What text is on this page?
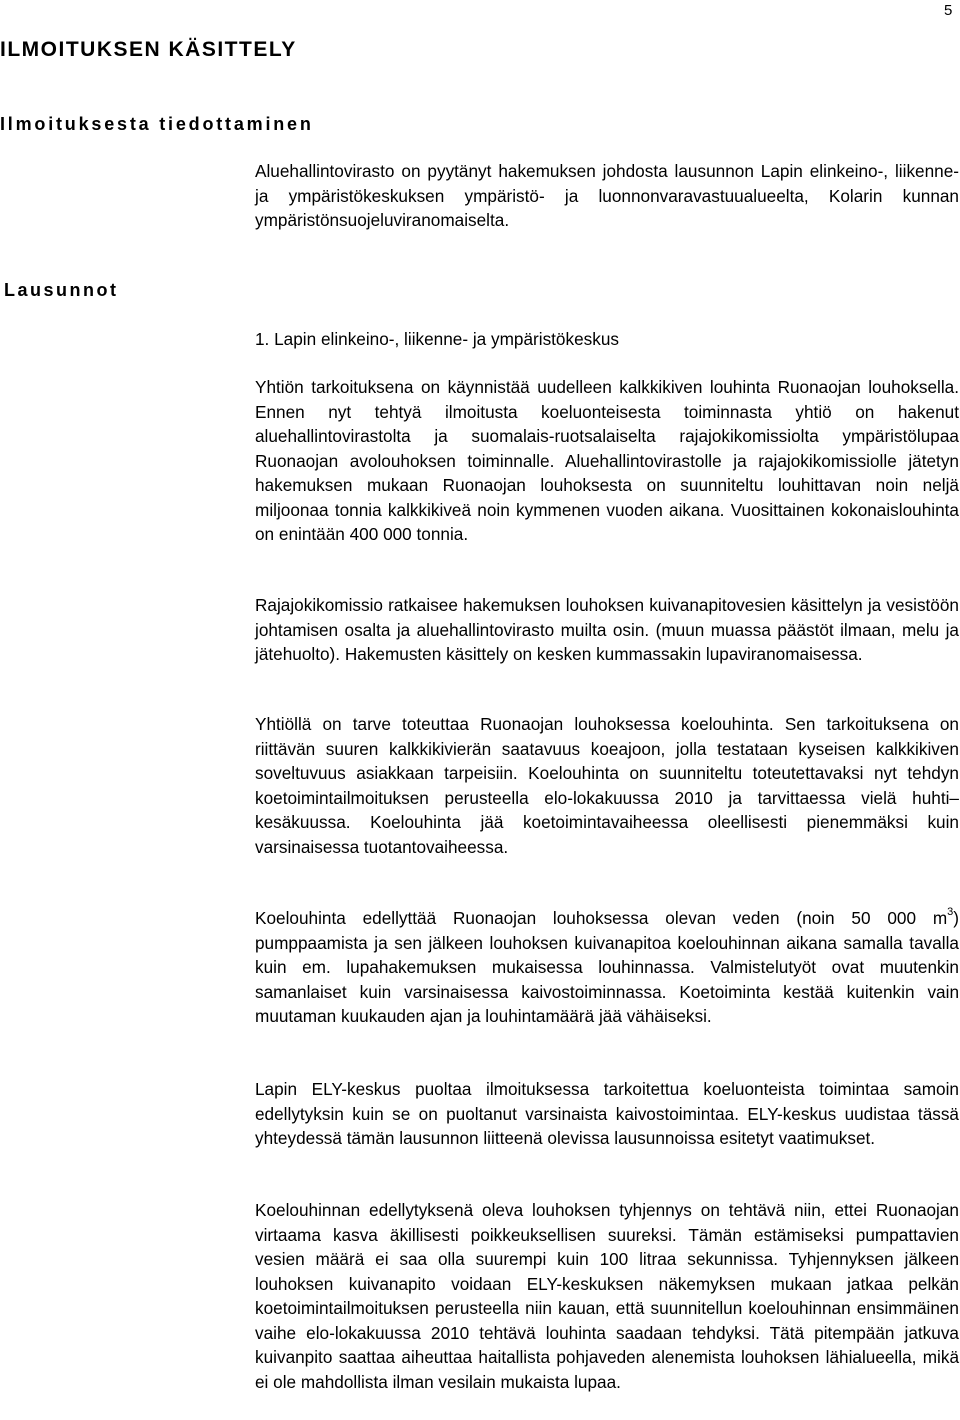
5
ILMOITUKSEN KÄSITTELY
Ilmoituksesta tiedottaminen

Aluehallintovirasto on pyytänyt hakemuksen johdosta lausunnon Lapin elinkeino-, liikenne- ja ympäristökeskuksen ympäristö- ja luonnonvaravastuualueelta, Kolarin kunnan ympäristönsuojeluviranomaiselta.

Lausunnot
1. Lapin elinkeino-, liikenne- ja ympäristökeskus

Yhtiön tarkoituksena on käynnistää uudelleen kalkkikiven louhinta Ruonaojan louhoksella. Ennen nyt tehtyä ilmoitusta koeluonteisesta toiminnasta yhtiö on hakenut aluehallintovirastolta ja suomalais-ruotsalaiselta rajajokikomissiolta ympäristölupaa Ruonaojan avolouhoksen toiminnalle. Aluehallintovirastolle ja rajajokikomissiolle jätetyn hakemuksen mukaan Ruonaojan louhoksesta on suunniteltu louhittavan noin neljä miljoonaa tonnia kalkkikiveä noin kymmenen vuoden aikana. Vuosittainen kokonaislouhinta on enintään 400 000 tonnia.

Rajajokikomissio ratkaisee hakemuksen louhoksen kuivanapitovesien käsittelyn ja vesistöön johtamisen osalta ja aluehallintovirasto muilta osin. (muun muassa päästöt ilmaan, melu ja jätehuolto). Hakemusten käsittely on kesken kummassakin lupaviranomaisessa.

Yhtiöllä on tarve toteuttaa Ruonaojan louhoksessa koelouhinta. Sen tarkoituksena on riittävän suuren kalkkikivierän saatavuus koeajoon, jolla testataan kyseisen kalkkikiven soveltuvuus asiakkaan tarpeisiin. Koelouhinta on suunniteltu toteutettavaksi nyt tehdyn koetoimintailmoituksen perusteella elo-lokakuussa 2010 ja tarvittaessa vielä huhti–kesäkuussa. Koelouhinta jää koetoimintavaiheessa oleellisesti pienemmäksi kuin varsinaisessa tuotantovaiheessa.

Koelouhinta edellyttää Ruonaojan louhoksessa olevan veden (noin 50 000 $m^3$) pumppaamista ja sen jälkeen louhoksen kuivanapitoa koelouhinnan aikana samalla tavalla kuin em. lupahakemuksen mukaisessa louhinnassa. Valmistelutyöt ovat muutenkin samanlaiset kuin varsinaisessa kaivostoiminnassa. Koetoiminta kestää kuitenkin vain muutaman kuukauden ajan ja louhintamäärä jää vähäiseksi.

Lapin ELY-keskus puoltaa ilmoituksessa tarkoitettua koeluonteista toimintaa samoin edellytyksin kuin se on puoltanut varsinaista kaivostoimintaa. ELY-keskus uudistaa tässä yhteydessä tämän lausunnon liitteenä olevissa lausunnoissa esitetyt vaatimukset.

Koelouhinnan edellytyksenä oleva louhoksen tyhjennys on tehtävä niin, ettei Ruonaojan virtaama kasva äkillisesti poikkeuksellisen suureksi. Tämän estämiseksi pumpattavien vesien määrä ei saa olla suurempi kuin 100 litraa sekunnissa. Tyhjennyksen jälkeen louhoksen kuivanapito voidaan ELY-keskuksen näkemyksen mukaan jatkaa pelkän koetoimintailmoituksen perusteella niin kauan, että suunnitellun koelouhinnan ensimmäinen vaihe elo-lokakuussa 2010 tehtävä louhinta saadaan tehdyksi. Tätä pitempään jatkuva kuivanpito saattaa aiheuttaa haitallista pohjaveden alenemista louhoksen lähialueella, mikä ei ole mahdollista ilman vesilain mukaista lupaa.
